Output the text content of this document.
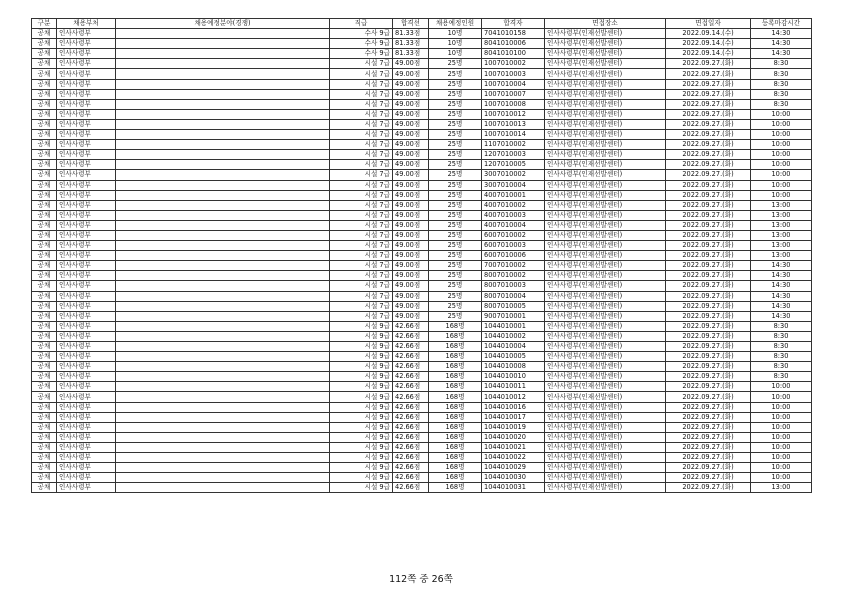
구분	채용부처	채용예정분야(경쟁)	직급	합격선	채용예정인원	합격자	면접장소	면접일자	등록마감시간
공채	인사사령부		수사 9급	81.33점	10명	7041010158	인사사령부(인재선발센터)	2022.09.14.(수)	14:30
공채	인사사령부		수사 9급	81.33점	10명	8041010006	인사사령부(인재선발센터)	2022.09.14.(수)	14:30
공채	인사사령부		수사 9급	81.33점	10명	8041010100	인사사령부(인재선발센터)	2022.09.14.(수)	14:30
공채	인사사령부		시설 7급	49.00점	25명	1007010002	인사사령부(인재선발센터)	2022.09.27.(화)	8:30
공채	인사사령부		시설 7급	49.00점	25명	1007010003	인사사령부(인재선발센터)	2022.09.27.(화)	8:30
공채	인사사령부		시설 7급	49.00점	25명	1007010004	인사사령부(인재선발센터)	2022.09.27.(화)	8:30
공채	인사사령부		시설 7급	49.00점	25명	1007010007	인사사령부(인재선발센터)	2022.09.27.(화)	8:30
공채	인사사령부		시설 7급	49.00점	25명	1007010008	인사사령부(인재선발센터)	2022.09.27.(화)	8:30
공채	인사사령부		시설 7급	49.00점	25명	1007010012	인사사령부(인재선발센터)	2022.09.27.(화)	10:00
공채	인사사령부		시설 7급	49.00점	25명	1007010013	인사사령부(인재선발센터)	2022.09.27.(화)	10:00
공채	인사사령부		시설 7급	49.00점	25명	1007010014	인사사령부(인재선발센터)	2022.09.27.(화)	10:00
공채	인사사령부		시설 7급	49.00점	25명	1107010002	인사사령부(인재선발센터)	2022.09.27.(화)	10:00
공채	인사사령부		시설 7급	49.00점	25명	1207010003	인사사령부(인재선발센터)	2022.09.27.(화)	10:00
공채	인사사령부		시설 7급	49.00점	25명	1207010005	인사사령부(인재선발센터)	2022.09.27.(화)	10:00
공채	인사사령부		시설 7급	49.00점	25명	3007010002	인사사령부(인재선발센터)	2022.09.27.(화)	10:00
공채	인사사령부		시설 7급	49.00점	25명	3007010004	인사사령부(인재선발센터)	2022.09.27.(화)	10:00
공채	인사사령부		시설 7급	49.00점	25명	4007010001	인사사령부(인재선발센터)	2022.09.27.(화)	10:00
공채	인사사령부		시설 7급	49.00점	25명	4007010002	인사사령부(인재선발센터)	2022.09.27.(화)	13:00
공채	인사사령부		시설 7급	49.00점	25명	4007010003	인사사령부(인재선발센터)	2022.09.27.(화)	13:00
공채	인사사령부		시설 7급	49.00점	25명	4007010004	인사사령부(인재선발센터)	2022.09.27.(화)	13:00
공채	인사사령부		시설 7급	49.00점	25명	6007010002	인사사령부(인재선발센터)	2022.09.27.(화)	13:00
공채	인사사령부		시설 7급	49.00점	25명	6007010003	인사사령부(인재선발센터)	2022.09.27.(화)	13:00
공채	인사사령부		시설 7급	49.00점	25명	6007010006	인사사령부(인재선발센터)	2022.09.27.(화)	13:00
공채	인사사령부		시설 7급	49.00점	25명	7007010002	인사사령부(인재선발센터)	2022.09.27.(화)	14:30
공채	인사사령부		시설 7급	49.00점	25명	8007010002	인사사령부(인재선발센터)	2022.09.27.(화)	14:30
공채	인사사령부		시설 7급	49.00점	25명	8007010003	인사사령부(인재선발센터)	2022.09.27.(화)	14:30
공채	인사사령부		시설 7급	49.00점	25명	8007010004	인사사령부(인재선발센터)	2022.09.27.(화)	14:30
공채	인사사령부		시설 7급	49.00점	25명	8007010005	인사사령부(인재선발센터)	2022.09.27.(화)	14:30
공채	인사사령부		시설 7급	49.00점	25명	9007010001	인사사령부(인재선발센터)	2022.09.27.(화)	14:30
공채	인사사령부		시설 9급	42.66점	168명	1044010001	인사사령부(인재선발센터)	2022.09.27.(화)	8:30
공채	인사사령부		시설 9급	42.66점	168명	1044010002	인사사령부(인재선발센터)	2022.09.27.(화)	8:30
공채	인사사령부		시설 9급	42.66점	168명	1044010004	인사사령부(인재선발센터)	2022.09.27.(화)	8:30
공채	인사사령부		시설 9급	42.66점	168명	1044010005	인사사령부(인재선발센터)	2022.09.27.(화)	8:30
공채	인사사령부		시설 9급	42.66점	168명	1044010008	인사사령부(인재선발센터)	2022.09.27.(화)	8:30
공채	인사사령부		시설 9급	42.66점	168명	1044010010	인사사령부(인재선발센터)	2022.09.27.(화)	8:30
공채	인사사령부		시설 9급	42.66점	168명	1044010011	인사사령부(인재선발센터)	2022.09.27.(화)	10:00
공채	인사사령부		시설 9급	42.66점	168명	1044010012	인사사령부(인재선발센터)	2022.09.27.(화)	10:00
공채	인사사령부		시설 9급	42.66점	168명	1044010016	인사사령부(인재선발센터)	2022.09.27.(화)	10:00
공채	인사사령부		시설 9급	42.66점	168명	1044010017	인사사령부(인재선발센터)	2022.09.27.(화)	10:00
공채	인사사령부		시설 9급	42.66점	168명	1044010019	인사사령부(인재선발센터)	2022.09.27.(화)	10:00
공채	인사사령부		시설 9급	42.66점	168명	1044010020	인사사령부(인재선발센터)	2022.09.27.(화)	10:00
공채	인사사령부		시설 9급	42.66점	168명	1044010021	인사사령부(인재선발센터)	2022.09.27.(화)	10:00
공채	인사사령부		시설 9급	42.66점	168명	1044010022	인사사령부(인재선발센터)	2022.09.27.(화)	10:00
공채	인사사령부		시설 9급	42.66점	168명	1044010029	인사사령부(인재선발센터)	2022.09.27.(화)	10:00
공채	인사사령부		시설 9급	42.66점	168명	1044010030	인사사령부(인재선발센터)	2022.09.27.(화)	10:00
공채	인사사령부		시설 9급	42.66점	168명	1044010031	인사사령부(인재선발센터)	2022.09.27.(화)	13:00
112쪽 중 26쪽
